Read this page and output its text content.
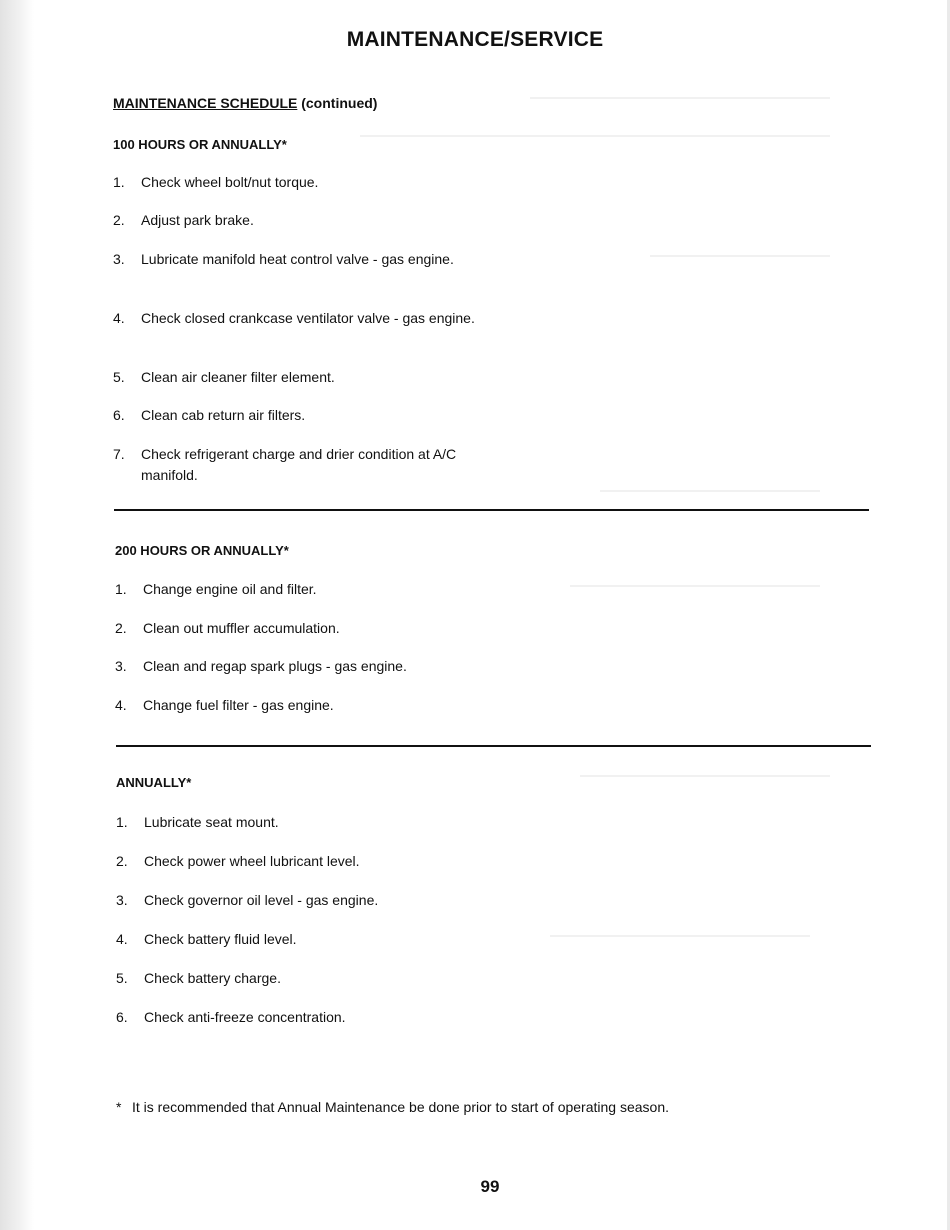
MAINTENANCE/SERVICE
MAINTENANCE SCHEDULE (continued)
100 HOURS OR ANNUALLY*
1.	Check wheel bolt/nut torque.
2.	Adjust park brake.
3.	Lubricate manifold heat control valve - gas engine.
4.	Check closed crankcase ventilator valve - gas engine.
5.	Clean air cleaner filter element.
6.	Clean cab return air filters.
7.	Check refrigerant charge and drier condition at A/C manifold.
200 HOURS OR ANNUALLY*
1.	Change engine oil and filter.
2.	Clean out muffler accumulation.
3.	Clean and regap spark plugs - gas engine.
4.	Change fuel filter - gas engine.
ANNUALLY*
1.	Lubricate seat mount.
2.	Check power wheel lubricant level.
3.	Check governor oil level - gas engine.
4.	Check battery fluid level.
5.	Check battery charge.
6.	Check anti-freeze concentration.
* It is recommended that Annual Maintenance be done prior to start of operating season.
99
